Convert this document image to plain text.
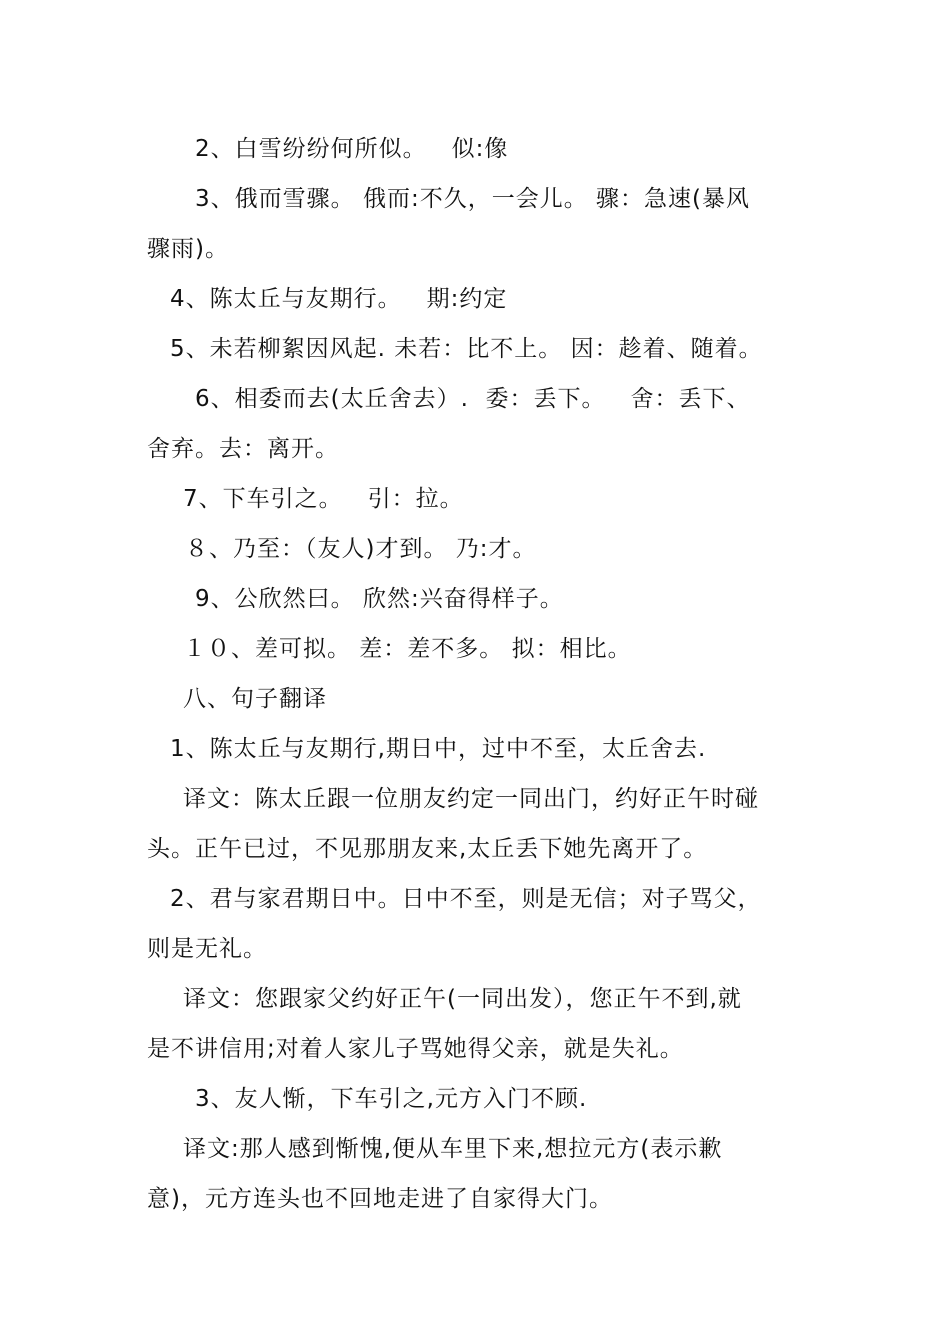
2、白雪纷纷何所似。   似:像
3、俄而雪骤。 俄而:不久，一会儿。 骤：急速(暴风
骤雨)。
4、陈太丘与友期行。   期:约定
5、未若柳絮因风起. 未若：比不上。 因：趁着、随着。
6、相委而去(太丘舍去）.  委：丢下。   舍：丢下、
舍弃。去：离开。
7、下车引之。   引：拉。
８、乃至：（友人)才到。 乃:才。
9、公欣然曰。 欣然:兴奋得样子。
１０、差可拟。 差：差不多。 拟：相比。
八、句子翻译
1、陈太丘与友期行,期日中，过中不至，太丘舍去.
译文：陈太丘跟一位朋友约定一同出门，约好正午时碰
头。正午已过，不见那朋友来,太丘丢下她先离开了。
2、君与家君期日中。日中不至，则是无信；对子骂父，
则是无礼。
译文：您跟家父约好正午(一同出发），您正午不到,就
是不讲信用;对着人家儿子骂她得父亲，就是失礼。
3、友人惭，下车引之,元方入门不顾.
译文:那人感到惭愧,便从车里下来,想拉元方(表示歉
意)，元方连头也不回地走进了自家得大门。
